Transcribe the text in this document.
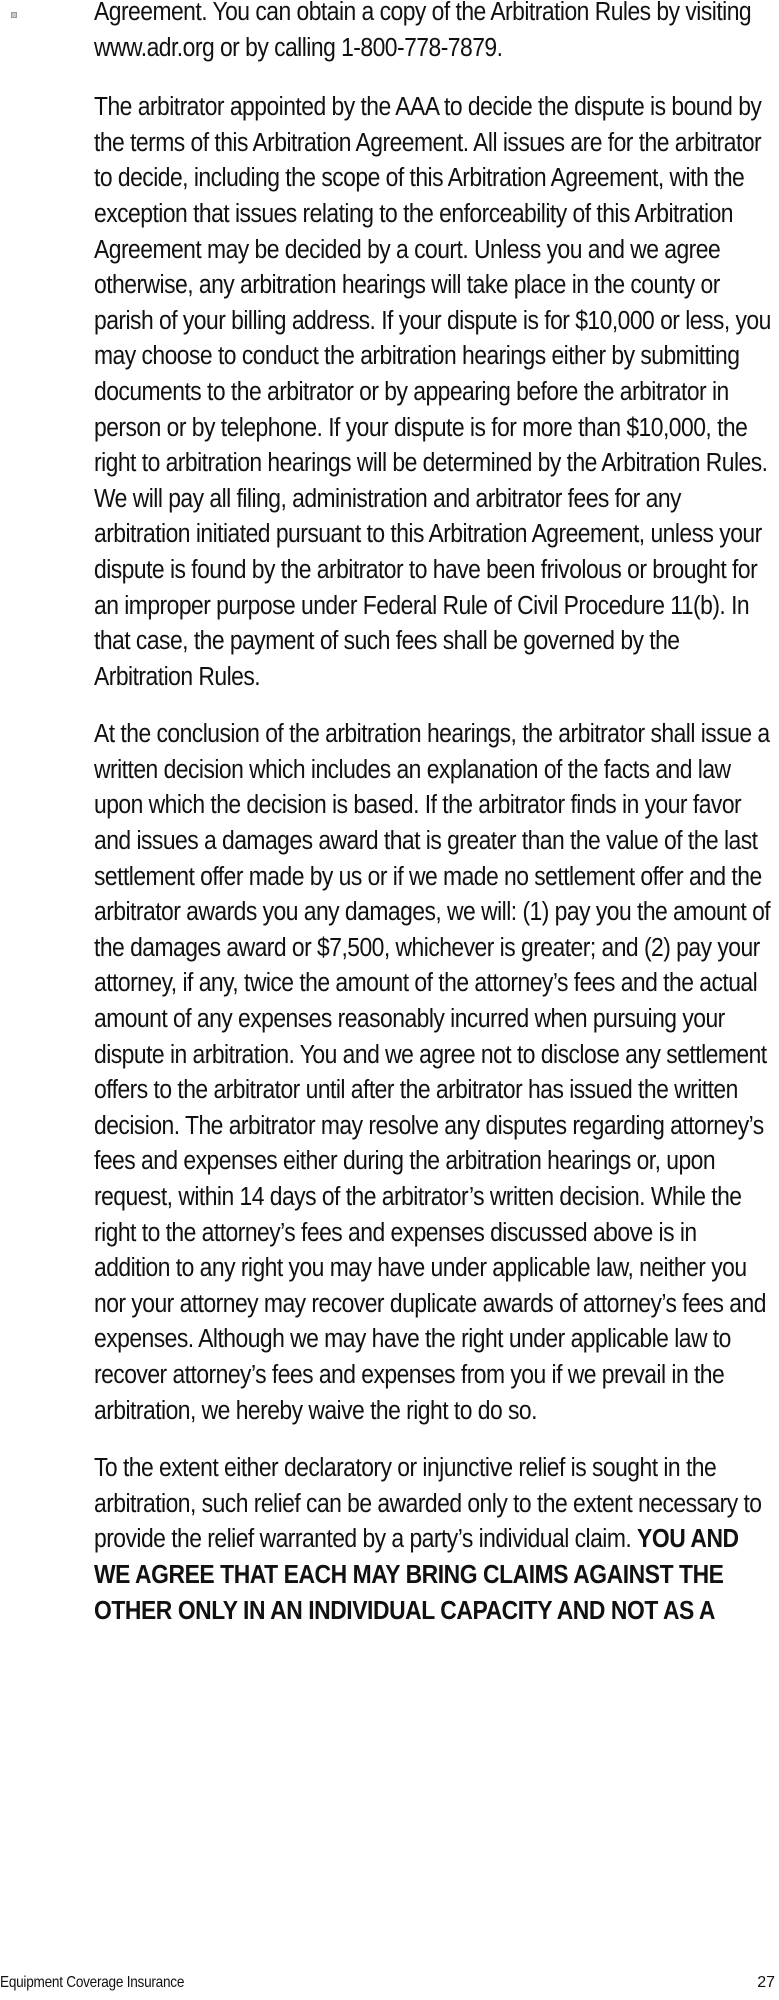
Agreement. You can obtain a copy of the Arbitration Rules by visiting www.adr.org or by calling 1-800-778-7879.

The arbitrator appointed by the AAA to decide the dispute is bound by the terms of this Arbitration Agreement. All issues are for the arbitrator to decide, including the scope of this Arbitration Agreement, with the exception that issues relating to the enforceability of this Arbitration Agreement may be decided by a court. Unless you and we agree otherwise, any arbitration hearings will take place in the county or parish of your billing address. If your dispute is for $10,000 or less, you may choose to conduct the arbitration hearings either by submitting documents to the arbitrator or by appearing before the arbitrator in person or by telephone. If your dispute is for more than $10,000, the right to arbitration hearings will be determined by the Arbitration Rules. We will pay all filing, administration and arbitrator fees for any arbitration initiated pursuant to this Arbitration Agreement, unless your dispute is found by the arbitrator to have been frivolous or brought for an improper purpose under Federal Rule of Civil Procedure 11(b). In that case, the payment of such fees shall be governed by the Arbitration Rules.

At the conclusion of the arbitration hearings, the arbitrator shall issue a written decision which includes an explanation of the facts and law upon which the decision is based. If the arbitrator finds in your favor and issues a damages award that is greater than the value of the last settlement offer made by us or if we made no settlement offer and the arbitrator awards you any damages, we will: (1) pay you the amount of the damages award or $7,500, whichever is greater; and (2) pay your attorney, if any, twice the amount of the attorney’s fees and the actual amount of any expenses reasonably incurred when pursuing your dispute in arbitration. You and we agree not to disclose any settlement offers to the arbitrator until after the arbitrator has issued the written decision. The arbitrator may resolve any disputes regarding attorney’s fees and expenses either during the arbitration hearings or, upon request, within 14 days of the arbitrator’s written decision. While the right to the attorney’s fees and expenses discussed above is in addition to any right you may have under applicable law, neither you nor your attorney may recover duplicate awards of attorney’s fees and expenses. Although we may have the right under applicable law to recover attorney’s fees and expenses from you if we prevail in the arbitration, we hereby waive the right to do so.

To the extent either declaratory or injunctive relief is sought in the arbitration, such relief can be awarded only to the extent necessary to provide the relief warranted by a party’s individual claim. YOU AND WE AGREE THAT EACH MAY BRING CLAIMS AGAINST THE OTHER ONLY IN AN INDIVIDUAL CAPACITY AND NOT AS A

Equipment Coverage Insurance	27
